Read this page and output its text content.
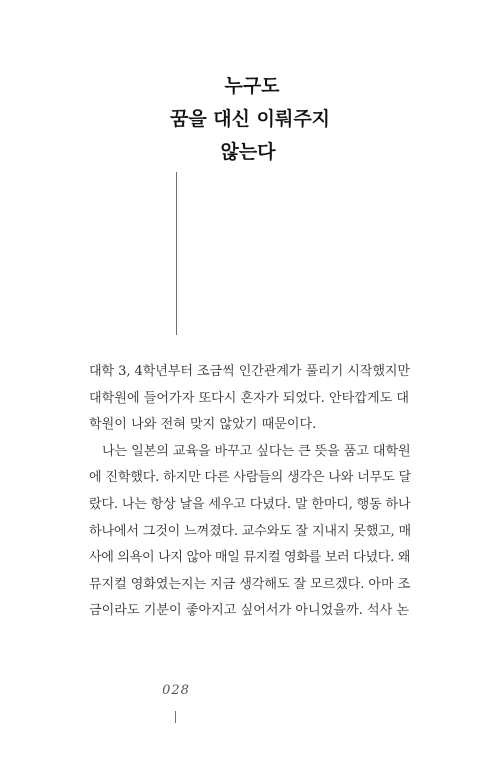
누구도
꿈을 대신 이뤄주지
않는다
대학 3, 4학년부터 조금씩 인간관계가 풀리기 시작했지만
대학원에 들어가자 또다시 혼자가 되었다. 안타깝게도 대
학원이 나와 전혀 맞지 않았기 때문이다.
나는 일본의 교육을 바꾸고 싶다는 큰 뜻을 품고 대학원
에 진학했다. 하지만 다른 사람들의 생각은 나와 너무도 달
랐다. 나는 항상 날을 세우고 다녔다. 말 한마디, 행동 하나
하나에서 그것이 느껴졌다. 교수와도 잘 지내지 못했고, 매
사에 의욕이 나지 않아 매일 뮤지컬 영화를 보러 다녔다. 왜
뮤지컬 영화였는지는 지금 생각해도 잘 모르겠다. 아마 조
금이라도 기분이 좋아지고 싶어서가 아니었을까. 석사 논
028
